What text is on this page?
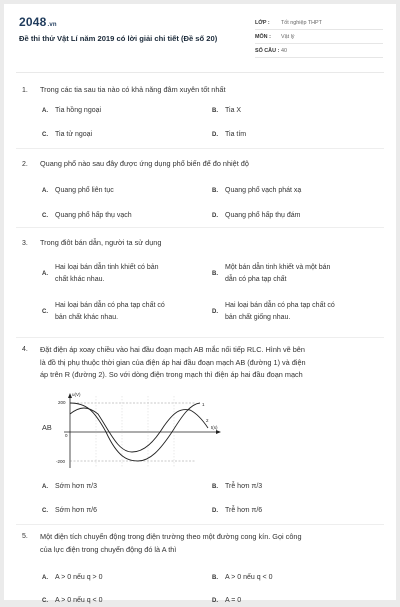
2048.vn
Đề thi thử Vật Lí năm 2019 có lời giải chi tiết (Đề số 20)
LỚP :	Tốt nghiệp THPT
MÔN :	Vật lý
SỐ CÂU : 40
1. Trong các tia sau tia nào có khả năng đâm xuyên tốt nhất
A. Tia hồng ngoại	B. Tia X
C. Tia tử ngoại	D. Tia tím
2. Quang phổ nào sau đây được ứng dụng phổ biến để đo nhiệt độ
A. Quang phổ liên tục	B. Quang phổ vạch phát xạ
C. Quang phổ hấp thụ vạch	D. Quang phổ hấp thụ đám
3. Trong điôt bán dẫn, người ta sử dụng
A.
Hai loại bán dẫn tinh khiết có bản
chất khác nhau.
B.
Một bán dẫn tinh khiết và một bán
dẫn có pha tạp chất
C.
Hai loại bán dẫn có pha tạp chất có
bản chất khác nhau.
D.
Hai loại bán dẫn có pha tạp chất có
bản chất giống nhau.
4.	Đặt điện áp xoay chiều vào hai đầu đoạn mạch AB mắc nối tiếp RLC. Hình vẽ bên
là đồ thị phụ thuộc thời gian của điện áp hai đầu đoạn mạch AB (đường 1) và điện
áp trên R (đường 2). So với dòng điện trong mạch thì điện áp hai đầu đoạn mạch
AB
u(V)
200
-200
0
t(s)
1
2
A. Sớm hơn π/3	B. Trễ hơn π/3
C. Sớm hơn π/6	D. Trễ hơn π/6
5.	Một điện tích chuyển động trong điện trường theo một đường cong kín. Gọi công
của lực điện trong chuyển động đó là A thì
A. A > 0 nếu q > 0	B. A > 0 nếu q < 0
C. A > 0 nếu q < 0	D. A = 0
